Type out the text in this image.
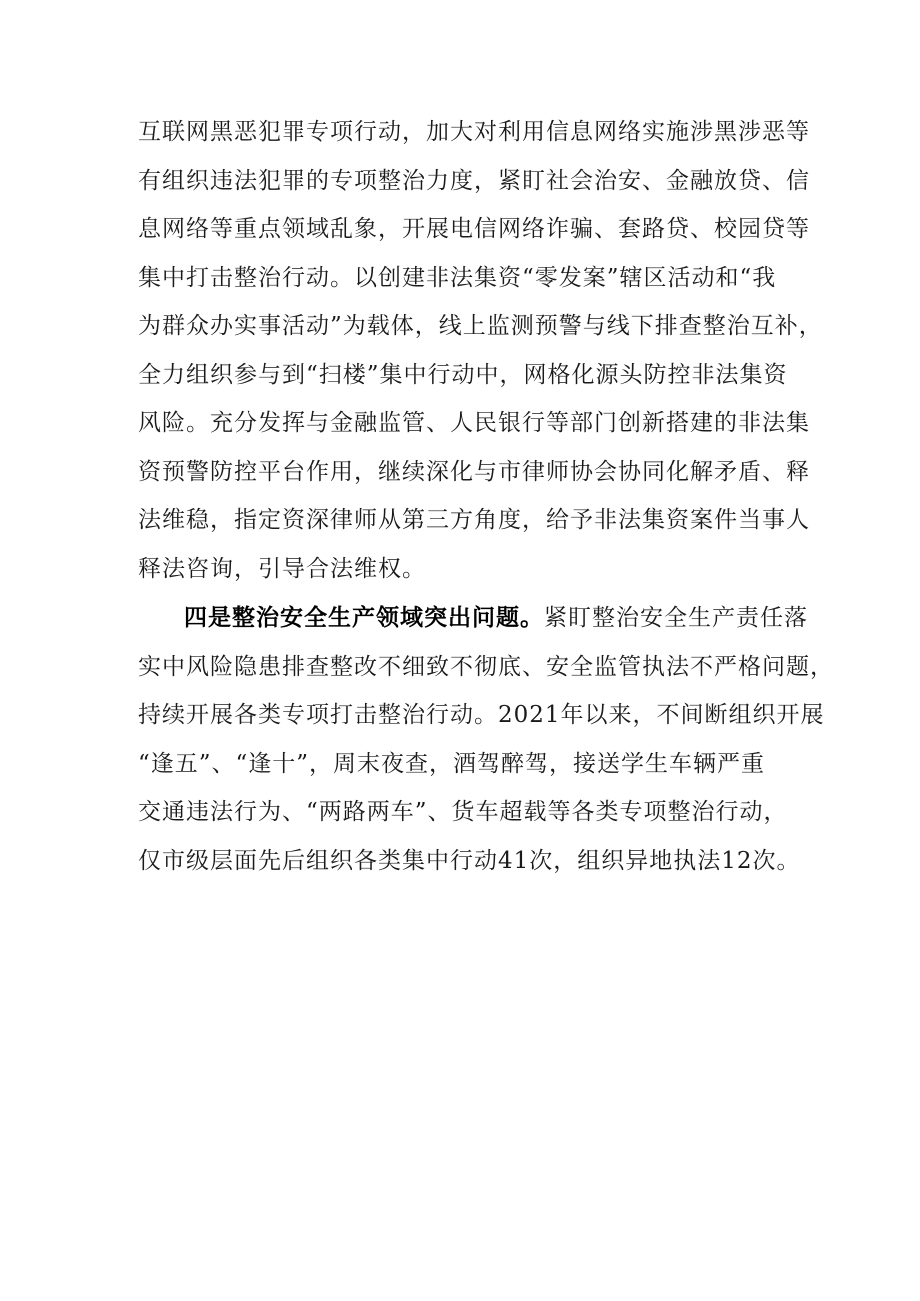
互联网黑恶犯罪专项行动，加大对利用信息网络实施涉黑涉恶等
有组织违法犯罪的专项整治力度，紧盯社会治安、金融放贷、信
息网络等重点领域乱象，开展电信网络诈骗、套路贷、校园贷等
集中打击整治行动。以创建非法集资“零发案”辖区活动和“我
为群众办实事活动”为载体，线上监测预警与线下排查整治互补，
全力组织参与到“扫楼”集中行动中，网格化源头防控非法集资
风险。充分发挥与金融监管、人民银行等部门创新搭建的非法集
资预警防控平台作用，继续深化与市律师协会协同化解矛盾、释
法维稳，指定资深律师从第三方角度，给予非法集资案件当事人
释法咨询，引导合法维权。
四是整治安全生产领域突出问题。紧盯整治安全生产责任落
实中风险隐患排查整改不细致不彻底、安全监管执法不严格问题，
持续开展各类专项打击整治行动。2021年以来，不间断组织开展
“逢五”、“逢十”，周末夜查，酒驾醉驾，接送学生车辆严重
交通违法行为、“两路两车”、货车超载等各类专项整治行动，
仅市级层面先后组织各类集中行动41次，组织异地执法12次。
